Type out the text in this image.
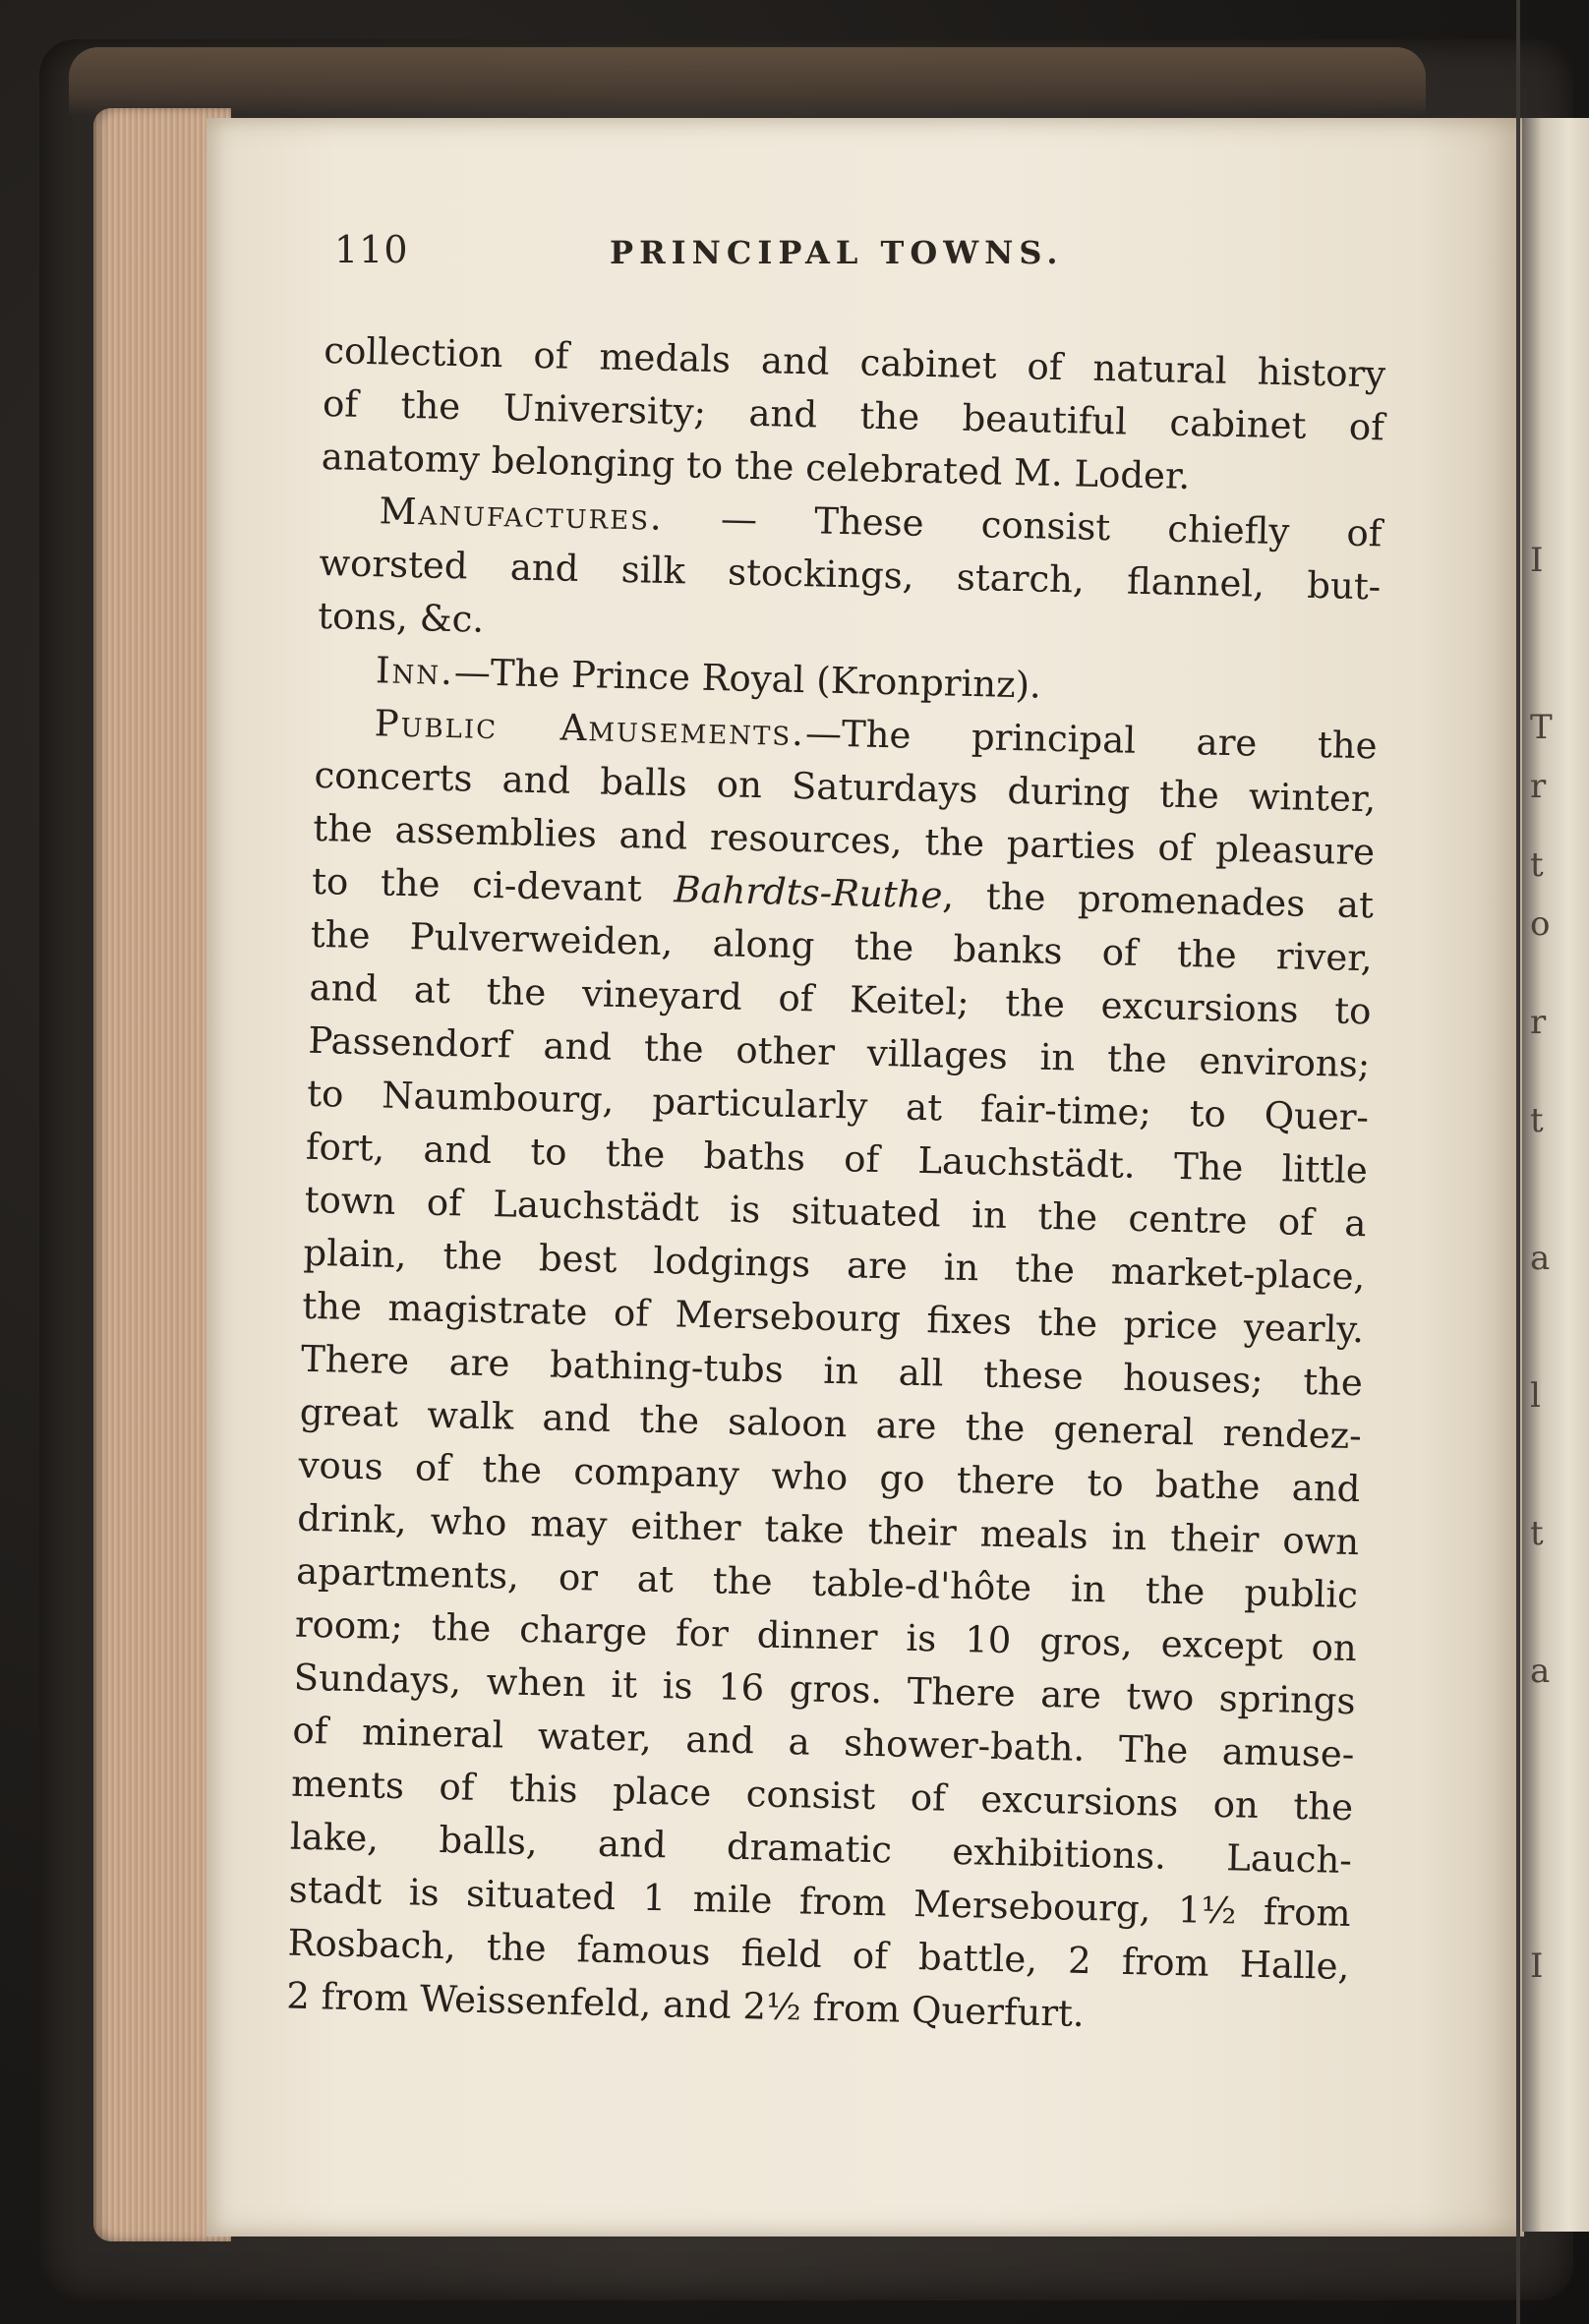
I
T
r
t
o
r
t
a
l
t
a
I
110	PRINCIPAL TOWNS.
collection of medals and cabinet of natural history
of the University; and the beautiful cabinet of
anatomy belonging to the celebrated M. Loder.
Manufactures. — These consist chiefly of
worsted and silk stockings, starch, flannel, but-
tons, &c.
Inn.—The Prince Royal (Kronprinz).
Public Amusements.—The principal are the
concerts and balls on Saturdays during the winter,
the assemblies and resources, the parties of pleasure
to the ci-devant Bahrdts-Ruthe, the promenades at
the Pulverweiden, along the banks of the river,
and at the vineyard of Keitel; the excursions to
Passendorf and the other villages in the environs;
to Naumbourg, particularly at fair-time; to Quer-
fort, and to the baths of Lauchstädt. The little
town of Lauchstädt is situated in the centre of a
plain, the best lodgings are in the market-place,
the magistrate of Mersebourg fixes the price yearly.
There are bathing-tubs in all these houses; the
great walk and the saloon are the general rendez-
vous of the company who go there to bathe and
drink, who may either take their meals in their own
apartments, or at the table-d'hôte in the public
room; the charge for dinner is 10 gros, except on
Sundays, when it is 16 gros. There are two springs
of mineral water, and a shower-bath. The amuse-
ments of this place consist of excursions on the
lake, balls, and dramatic exhibitions. Lauch-
stadt is situated 1 mile from Mersebourg, 1½ from
Rosbach, the famous field of battle, 2 from Halle,
2 from Weissenfeld, and 2½ from Querfurt.
